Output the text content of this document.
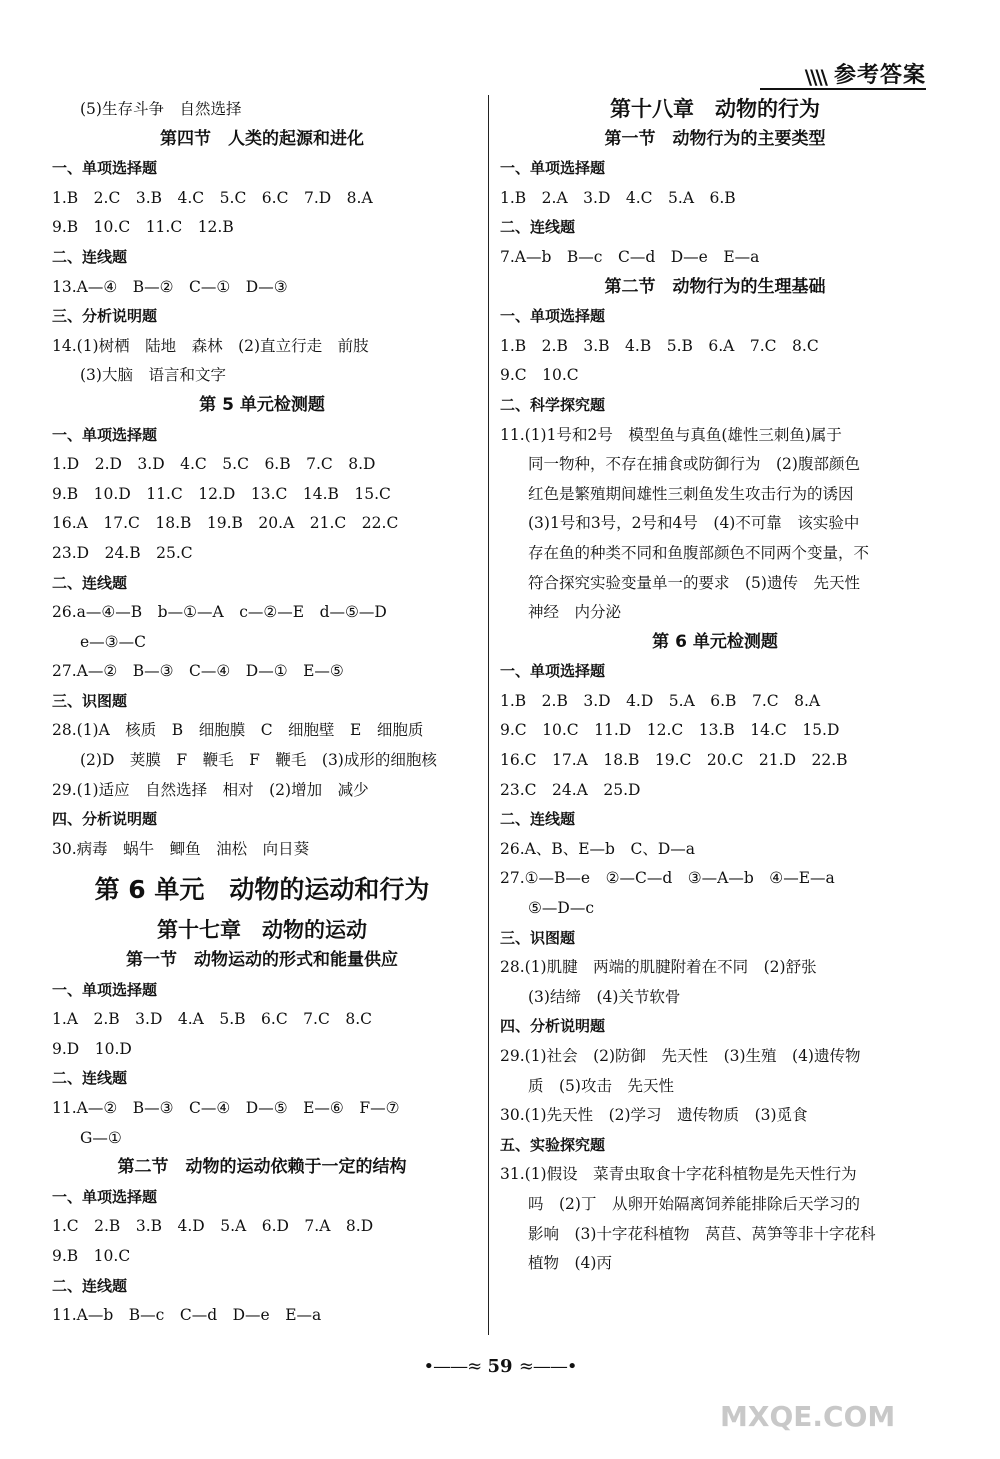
\\\\ 参考答案
(5)生存斗争　自然选择
第四节　人类的起源和进化
一、单项选择题
1.B　2.C　3.B　4.C　5.C　6.C　7.D　8.A
9.B　10.C　11.C　12.B
二、连线题
13.A—④　B—②　C—①　D—③
三、分析说明题
14.(1)树栖　陆地　森林　(2)直立行走　前肢
(3)大脑　语言和文字
第 5 单元检测题
一、单项选择题
1.D　2.D　3.D　4.C　5.C　6.B　7.C　8.D
9.B　10.D　11.C　12.D　13.C　14.B　15.C
16.A　17.C　18.B　19.B　20.A　21.C　22.C
23.D　24.B　25.C
二、连线题
26.a—④—B　b—①—A　c—②—E　d—⑤—D
e—③—C
27.A—②　B—③　C—④　D—①　E—⑤
三、识图题
28.(1)A　核质　B　细胞膜　C　细胞壁　E　细胞质
(2)D　荚膜　F　鞭毛　F　鞭毛　(3)成形的细胞核
29.(1)适应　自然选择　相对　(2)增加　减少
四、分析说明题
30.病毒　蜗牛　鲫鱼　油松　向日葵
第 6 单元　动物的运动和行为
第十七章　动物的运动
第一节　动物运动的形式和能量供应
一、单项选择题
1.A　2.B　3.D　4.A　5.B　6.C　7.C　8.C
9.D　10.D
二、连线题
11.A—②　B—③　C—④　D—⑤　E—⑥　F—⑦
G—①
第二节　动物的运动依赖于一定的结构
一、单项选择题
1.C　2.B　3.B　4.D　5.A　6.D　7.A　8.D
9.B　10.C
二、连线题
11.A—b　B—c　C—d　D—e　E—a
第十八章　动物的行为
第一节　动物行为的主要类型
一、单项选择题
1.B　2.A　3.D　4.C　5.A　6.B
二、连线题
7.A—b　B—c　C—d　D—e　E—a
第二节　动物行为的生理基础
一、单项选择题
1.B　2.B　3.B　4.B　5.B　6.A　7.C　8.C
9.C　10.C
二、科学探究题
11.(1)1号和2号　模型鱼与真鱼(雄性三刺鱼)属于
同一物种，不存在捕食或防御行为　(2)腹部颜色
红色是繁殖期间雄性三刺鱼发生攻击行为的诱因
(3)1号和3号，2号和4号　(4)不可靠　该实验中
存在鱼的种类不同和鱼腹部颜色不同两个变量，不
符合探究实验变量单一的要求　(5)遗传　先天性
神经　内分泌
第 6 单元检测题
一、单项选择题
1.B　2.B　3.D　4.D　5.A　6.B　7.C　8.A
9.C　10.C　11.D　12.C　13.B　14.C　15.D
16.C　17.A　18.B　19.C　20.C　21.D　22.B
23.C　24.A　25.D
二、连线题
26.A、B、E—b　C、D—a
27.①—B—e　②—C—d　③—A—b　④—E—a
⑤—D—c
三、识图题
28.(1)肌腱　两端的肌腱附着在不同　(2)舒张
(3)结缔　(4)关节软骨
四、分析说明题
29.(1)社会　(2)防御　先天性　(3)生殖　(4)遗传物
质　(5)攻击　先天性
30.(1)先天性　(2)学习　遗传物质　(3)觅食
五、实验探究题
31.(1)假设　菜青虫取食十字花科植物是先天性行为
吗　(2)丁　从卵开始隔离饲养能排除后天学习的
影响　(3)十字花科植物　莴苣、莴笋等非十字花科
植物　(4)丙
•——≈ 59 ≈——•
MXQE.COM
